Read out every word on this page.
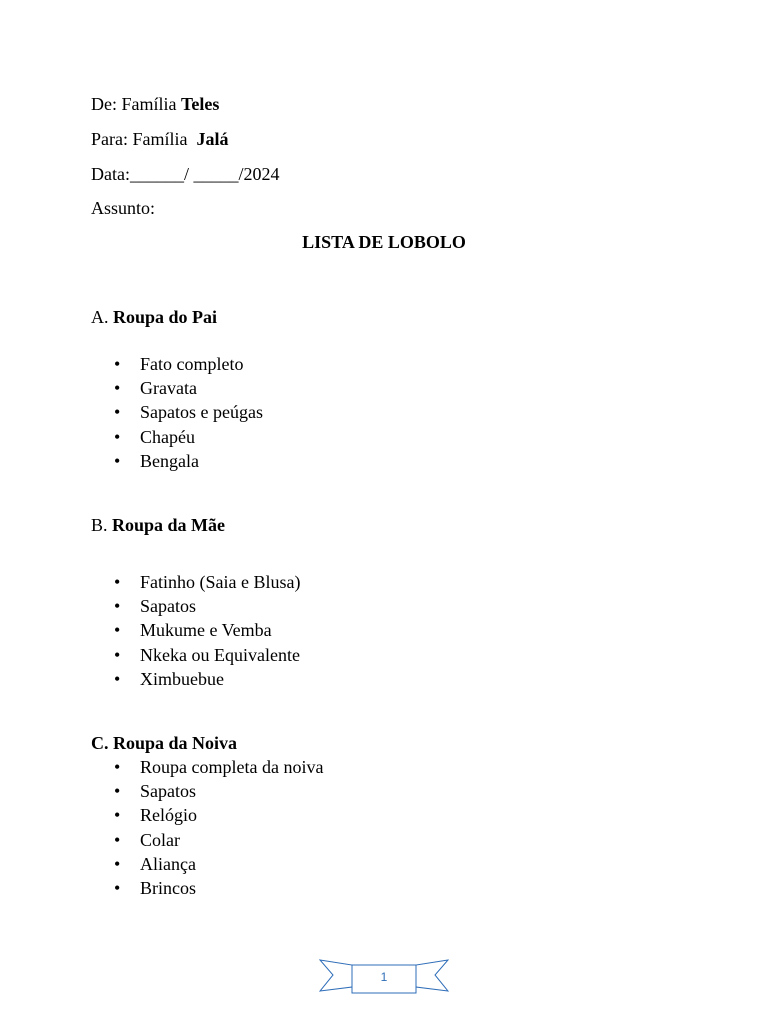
De: Família Teles
Para: Família  Jalá
Data:______/ _____/2024
Assunto:
LISTA DE LOBOLO
A. Roupa do Pai
• Fato completo
• Gravata
• Sapatos e peúgas
• Chapéu
• Bengala
B. Roupa da Mãe
• Fatinho (Saia e Blusa)
• Sapatos
• Mukume e Vemba
• Nkeka ou Equivalente
• Ximbuebue
C. Roupa da Noiva
• Roupa completa da noiva
• Sapatos
• Relógio
• Colar
• Aliança
• Brincos
1
